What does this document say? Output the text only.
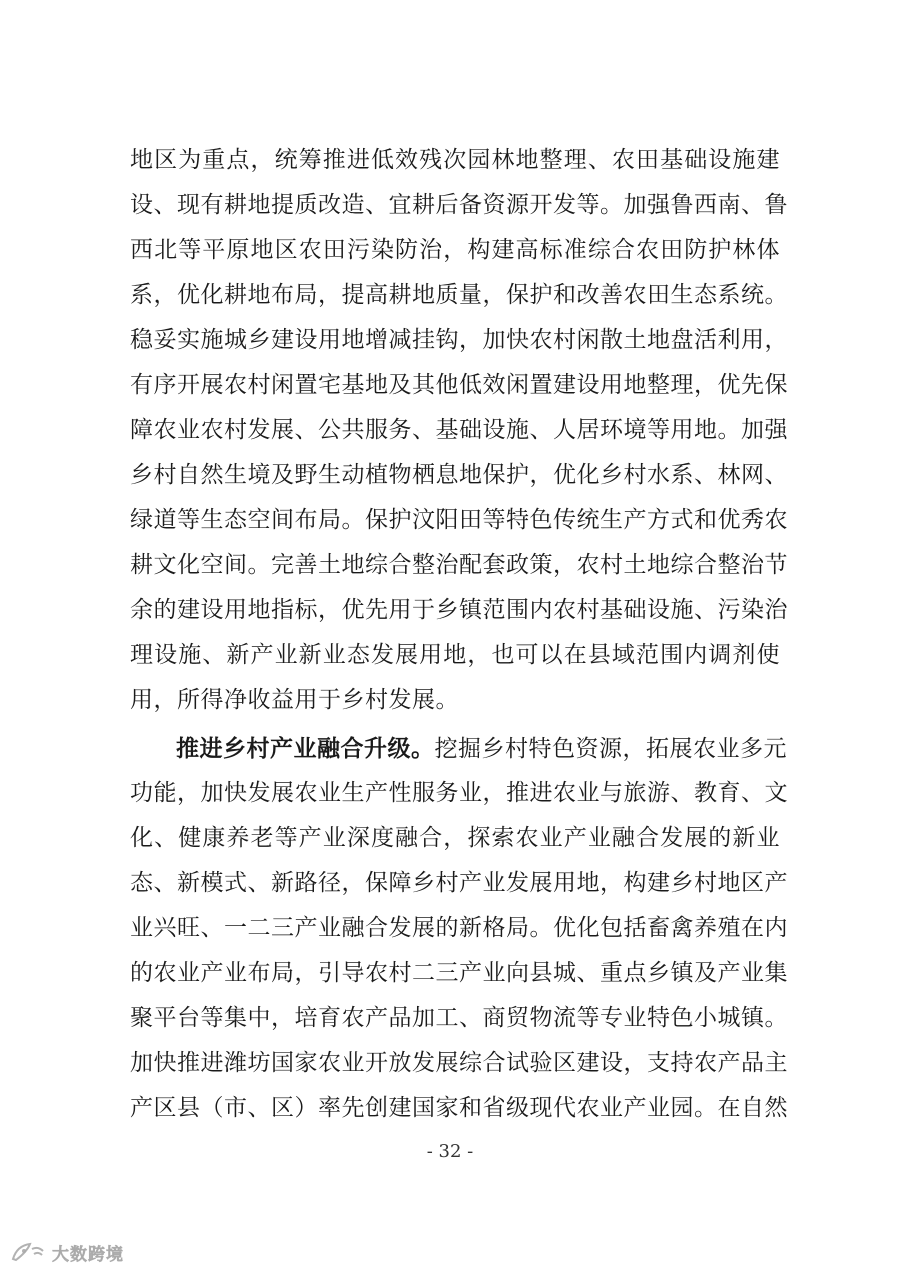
地区为重点，统筹推进低效残次园林地整理、农田基础设施建
设、现有耕地提质改造、宜耕后备资源开发等。加强鲁西南、鲁
西北等平原地区农田污染防治，构建高标准综合农田防护林体
系，优化耕地布局，提高耕地质量，保护和改善农田生态系统。
稳妥实施城乡建设用地增减挂钩，加快农村闲散土地盘活利用，
有序开展农村闲置宅基地及其他低效闲置建设用地整理，优先保
障农业农村发展、公共服务、基础设施、人居环境等用地。加强
乡村自然生境及野生动植物栖息地保护，优化乡村水系、林网、
绿道等生态空间布局。保护汶阳田等特色传统生产方式和优秀农
耕文化空间。完善土地综合整治配套政策，农村土地综合整治节
余的建设用地指标，优先用于乡镇范围内农村基础设施、污染治
理设施、新产业新业态发展用地，也可以在县域范围内调剂使
用，所得净收益用于乡村发展。
推进乡村产业融合升级。挖掘乡村特色资源，拓展农业多元
功能，加快发展农业生产性服务业，推进农业与旅游、教育、文
化、健康养老等产业深度融合，探索农业产业融合发展的新业
态、新模式、新路径，保障乡村产业发展用地，构建乡村地区产
业兴旺、一二三产业融合发展的新格局。优化包括畜禽养殖在内
的农业产业布局，引导农村二三产业向县城、重点乡镇及产业集
聚平台等集中，培育农产品加工、商贸物流等专业特色小城镇。
加快推进潍坊国家农业开放发展综合试验区建设，支持农产品主
产区县（市、区）率先创建国家和省级现代农业产业园。在自然
- 32 -
大数跨境
